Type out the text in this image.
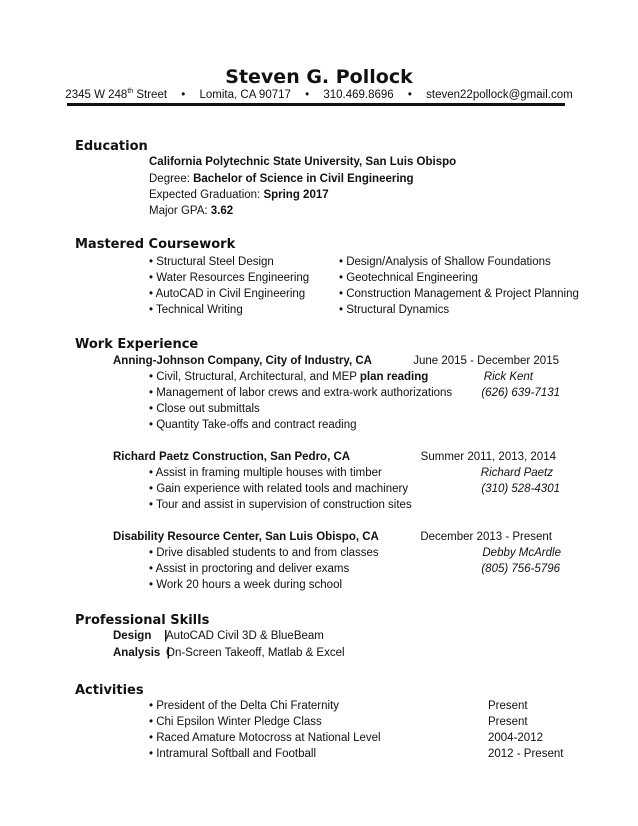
Steven G. Pollock
2345 W 248th Street • Lomita, CA 90717 • 310.469.8696 • steven22pollock@gmail.com
Education
California Polytechnic State University, San Luis Obispo
Degree: Bachelor of Science in Civil Engineering
Expected Graduation: Spring 2017
Major GPA: 3.62
Mastered Coursework
• Structural Steel Design
• Water Resources Engineering
• AutoCAD in Civil Engineering
• Technical Writing
• Design/Analysis of Shallow Foundations
• Geotechnical Engineering
• Construction Management & Project Planning
• Structural Dynamics
Work Experience
Anning-Johnson Company, City of Industry, CA	June 2015 - December 2015
• Civil, Structural, Architectural, and MEP plan reading	Rick Kent
• Management of labor crews and extra-work authorizations	(626) 639-7131
• Close out submittals
• Quantity Take-offs and contract reading
Richard Paetz Construction, San Pedro, CA	Summer 2011, 2013, 2014
• Assist in framing multiple houses with timber	Richard Paetz
• Gain experience with related tools and machinery	(310) 528-4301
• Tour and assist in supervision of construction sites
Disability Resource Center, San Luis Obispo, CA	December 2013 - Present
• Drive disabled students to and from classes	Debby McArdle
• Assist in proctoring and deliver exams	(805) 756-5796
• Work 20 hours a week during school
Professional Skills
Design    |
AutoCAD Civil 3D & BlueBeam
Analysis  |
On-Screen Takeoff, Matlab & Excel
Activities
• President of the Delta Chi Fraternity	Present
• Chi Epsilon Winter Pledge Class	Present
• Raced Amature Motocross at National Level	2004-2012
• Intramural Softball and Football	2012 - Present
